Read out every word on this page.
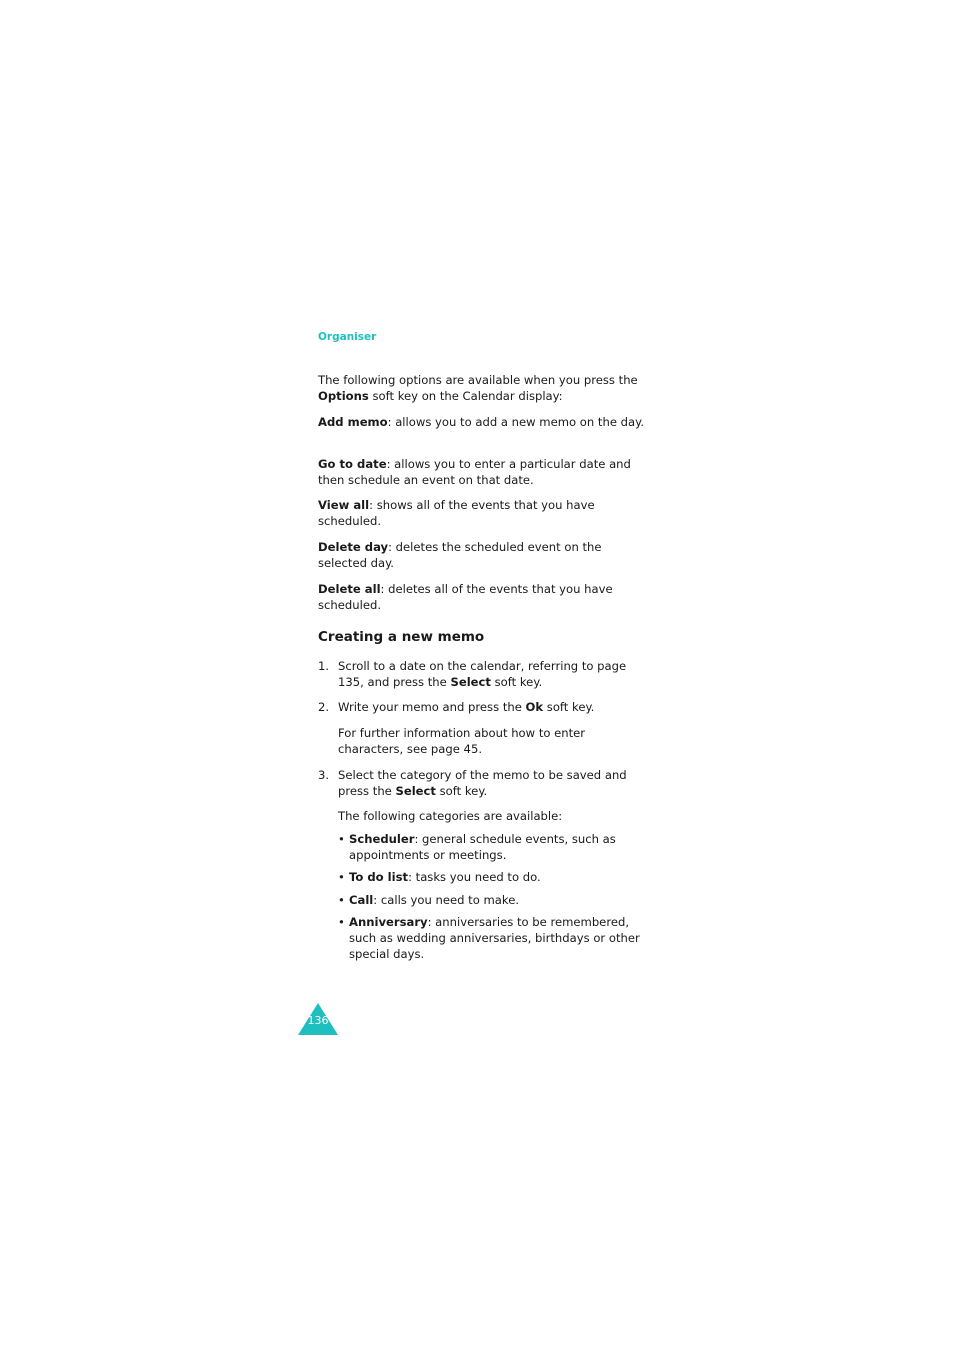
Organiser
The following options are available when you press the Options soft key on the Calendar display:
Add memo: allows you to add a new memo on the day.
Go to date: allows you to enter a particular date and then schedule an event on that date.
View all: shows all of the events that you have scheduled.
Delete day: deletes the scheduled event on the selected day.
Delete all: deletes all of the events that you have scheduled.
Creating a new memo
1. Scroll to a date on the calendar, referring to page 135, and press the Select soft key.
2. Write your memo and press the Ok soft key.
For further information about how to enter characters, see page 45.
3. Select the category of the memo to be saved and press the Select soft key.
The following categories are available:
• Scheduler: general schedule events, such as appointments or meetings.
• To do list: tasks you need to do.
• Call: calls you need to make.
• Anniversary: anniversaries to be remembered, such as wedding anniversaries, birthdays or other special days.
136
